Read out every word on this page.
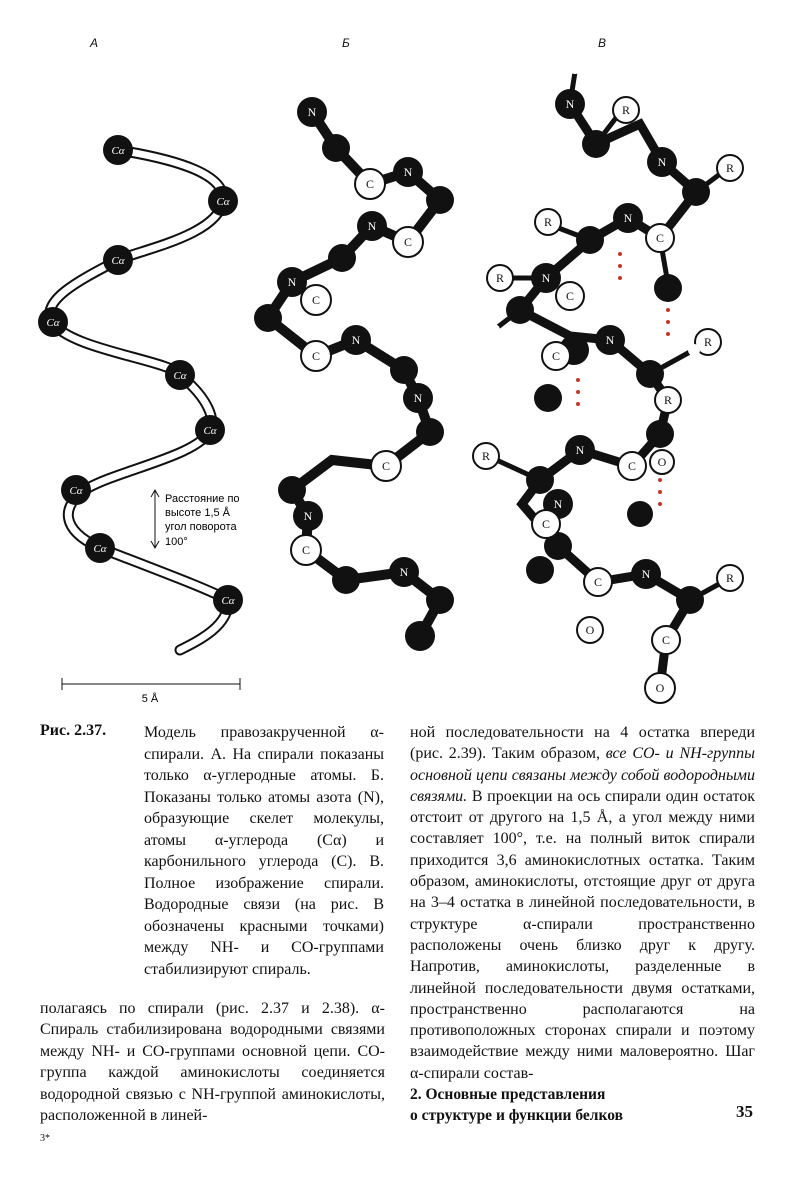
А	Б	В
Cα
Cα
Cα
Cα
Cα
Cα
Cα
Cα
Cα
Расстояние по
высоте 1,5 Å
угол поворота
100°
5 Å
N
N
N
N
N
N
N
N
C
C
C
C
C
C
N
N
N
N
N
N
N
N
C
C
C
C
C
C
C
R
R
R
R
R
R
R
R
O
O
O
Рис. 2.37. Модель правозакрученной α-спирали. А. На спирали показаны только α-углеродные атомы. Б. Показаны только атомы азота (N), образующие скелет молекулы, атомы α-углерода (Cα) и карбонильного углерода (C). В. Полное изображение спирали. Водородные связи (на рис. В обозначены красными точками) между NH- и CO-группами стабилизируют спираль.
ной последовательности на 4 остатка впереди (рис. 2.39). Таким образом, все CO- и NH-группы основной цепи связаны между собой водородными связями. В проекции на ось спирали один остаток отстоит от другого на 1,5 Å, а угол между ними составляет 100°, т.е. на полный виток спирали приходится 3,6 аминокислотных остатка. Таким образом, аминокислоты, отстоящие друг от друга на 3–4 остатка в линейной последовательности, в структуре α-спирали пространственно расположены очень близко друг к другу. Напротив, аминокислоты, разделенные в линейной последовательности двумя остатками, пространственно располагаются на противоположных сторонах спирали и поэтому взаимодействие между ними маловероятно. Шаг α-спирали состав-
полагаясь по спирали (рис. 2.37 и 2.38). α-Спираль стабилизирована водородными связями между NH- и CO-группами основной цепи. CO-группа каждой аминокислоты соединяется водородной связью с NH-группой аминокислоты, расположенной в линей-
2. Основные представления
о структуре и функции белков	35
3*
